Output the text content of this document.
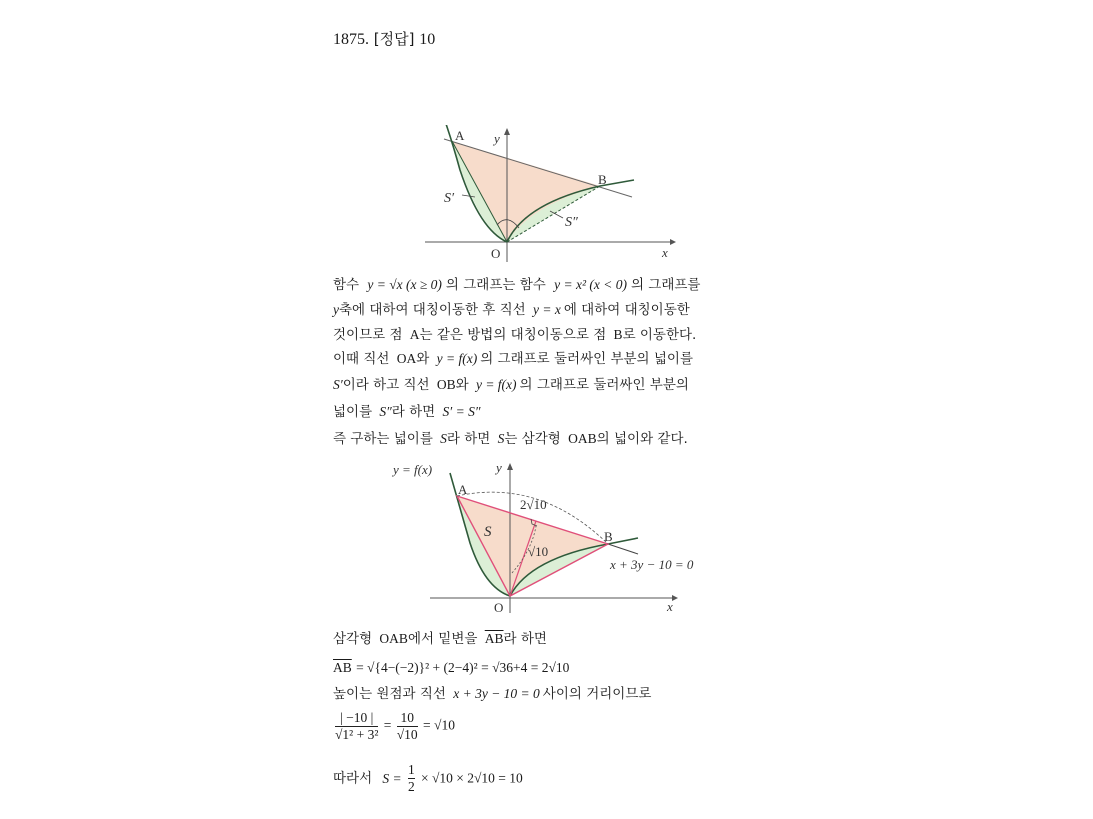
1875. [정답] 10
y
x
O
A
B
S′
S″
함수 y = √x (x ≥ 0) 의 그래프는 함수 y = x² (x < 0) 의 그래프를
y축에 대하여 대칭이동한 후 직선 y = x 에 대하여 대칭이동한
것이므로 점 A는 같은 방법의 대칭이동으로 점 B로 이동한다.
이때 직선 OA와 y = f(x) 의 그래프로 둘러싸인 부분의 넓이를
S′이라 하고 직선 OB와 y = f(x) 의 그래프로 둘러싸인 부분의
넓이를 S″라 하면 S′ = S″
즉 구하는 넓이를 S라 하면 S는 삼각형 OAB의 넓이와 같다.
y = f(x)	y
x
O
A
B
S
2√10
√10
x + 3y − 10 = 0
삼각형 OAB에서 밑변을 $\overline{AB}$라 하면
$\overline{AB} = √\{4-(-2)\}^2 + (2-4)^2 = √36+4 = 2√10$
높이는 원점과 직선 x + 3y − 10 = 0 사이의 거리이므로
$\frac{| -10 |}{\text{√1² + 3²}} = \frac{10}{√10} = √10$
따라서 $S = \frac{1}{2} \times √10 \times 2√10 = 10$
